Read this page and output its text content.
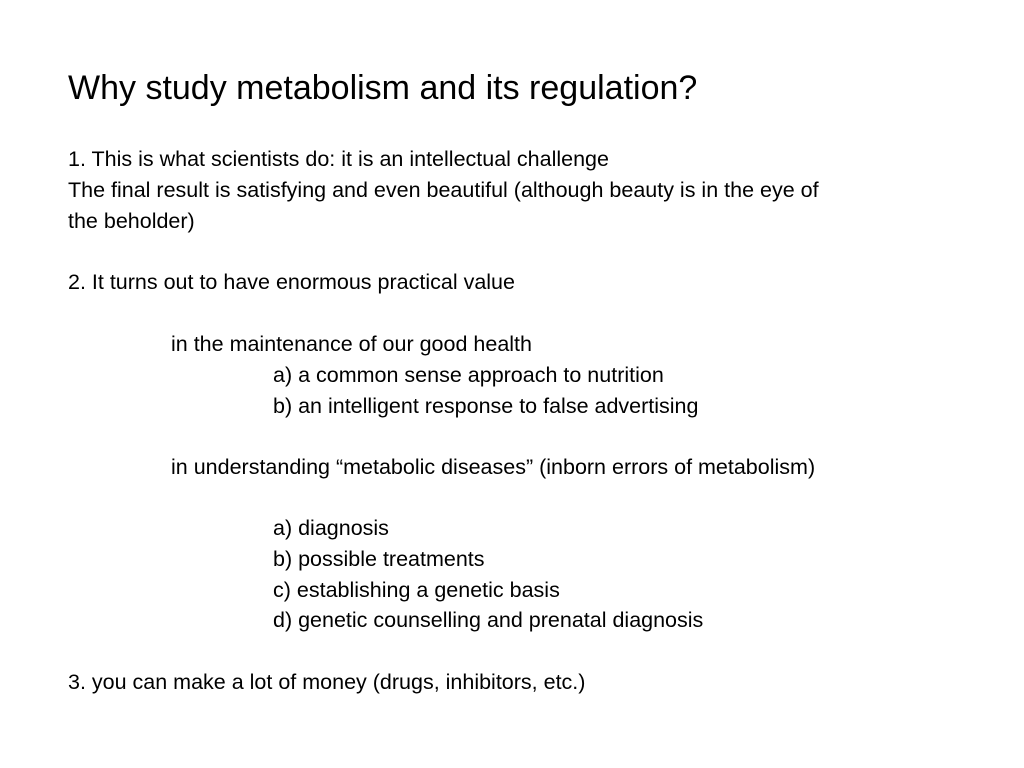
Why study metabolism and its regulation?
1. This is what scientists do: it is an intellectual challenge
The final result is satisfying and even beautiful (although beauty is in the eye of
the beholder)
2. It turns out to have enormous practical value
in the maintenance of our good health
a) a common sense approach to nutrition
b) an intelligent response to false advertising
in understanding “metabolic diseases” (inborn errors of metabolism)
a) diagnosis
b) possible treatments
c) establishing a genetic basis
d) genetic counselling and prenatal diagnosis
3. you can make a lot of money (drugs, inhibitors, etc.)
